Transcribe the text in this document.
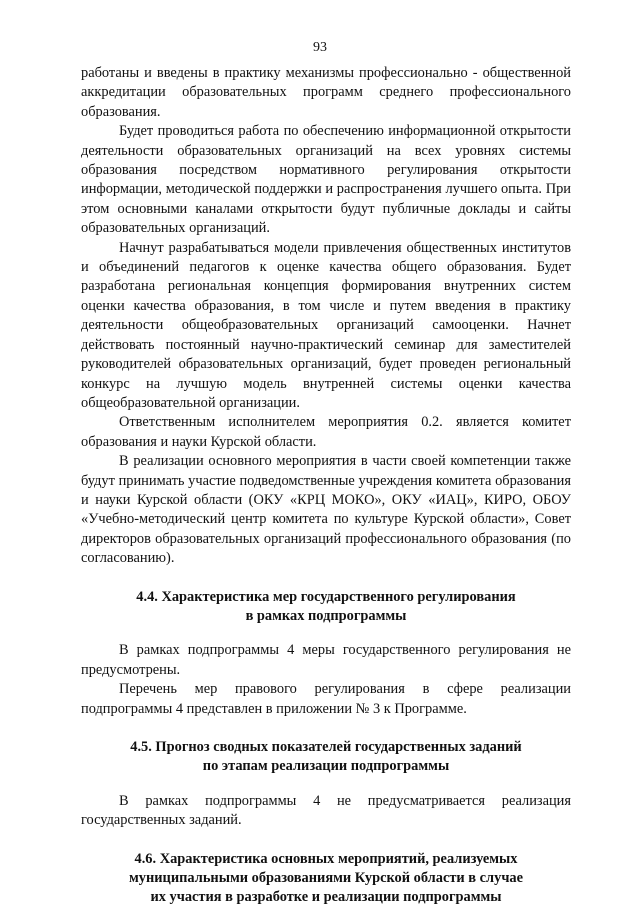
93

работаны и введены в практику механизмы профессионально - общественной аккредитации образовательных программ среднего профессионального образования.

Будет проводиться работа по обеспечению информационной открытости деятельности образовательных организаций на всех уровнях системы образования посредством нормативного регулирования открытости информации, методической поддержки и распространения лучшего опыта. При этом основными каналами открытости будут публичные доклады и сайты образовательных организаций.

Начнут разрабатываться модели привлечения общественных институтов и объединений педагогов к оценке качества общего образования. Будет разработана региональная концепция формирования внутренних систем оценки качества образования, в том числе и путем введения в практику деятельности общеобразовательных организаций самооценки. Начнет действовать постоянный научно-практический семинар для заместителей руководителей образовательных организаций, будет проведен региональный конкурс на лучшую модель внутренней системы оценки качества общеобразовательной организации.

Ответственным исполнителем мероприятия 0.2. является комитет образования и науки Курской области.

В реализации основного мероприятия в части своей компетенции также будут принимать участие подведомственные учреждения комитета образования и науки Курской области (ОКУ «КРЦ МОКО», ОКУ «ИАЦ», КИРО, ОБОУ «Учебно-методический центр комитета по культуре Курской области», Совет директоров образовательных организаций профессионального образования (по согласованию).

4.4. Характеристика мер государственного регулирования

в рамках подпрограммы

В рамках подпрограммы 4 меры государственного регулирования не предусмотрены.

Перечень мер правового регулирования в сфере реализации подпрограммы 4 представлен в приложении № 3 к Программе.

4.5. Прогноз сводных показателей государственных заданий

по этапам реализации подпрограммы

В рамках подпрограммы 4 не предусматривается реализация государственных заданий.

4.6. Характеристика основных мероприятий, реализуемых

муниципальными образованиями Курской области в случае

их участия в разработке и реализации подпрограммы
